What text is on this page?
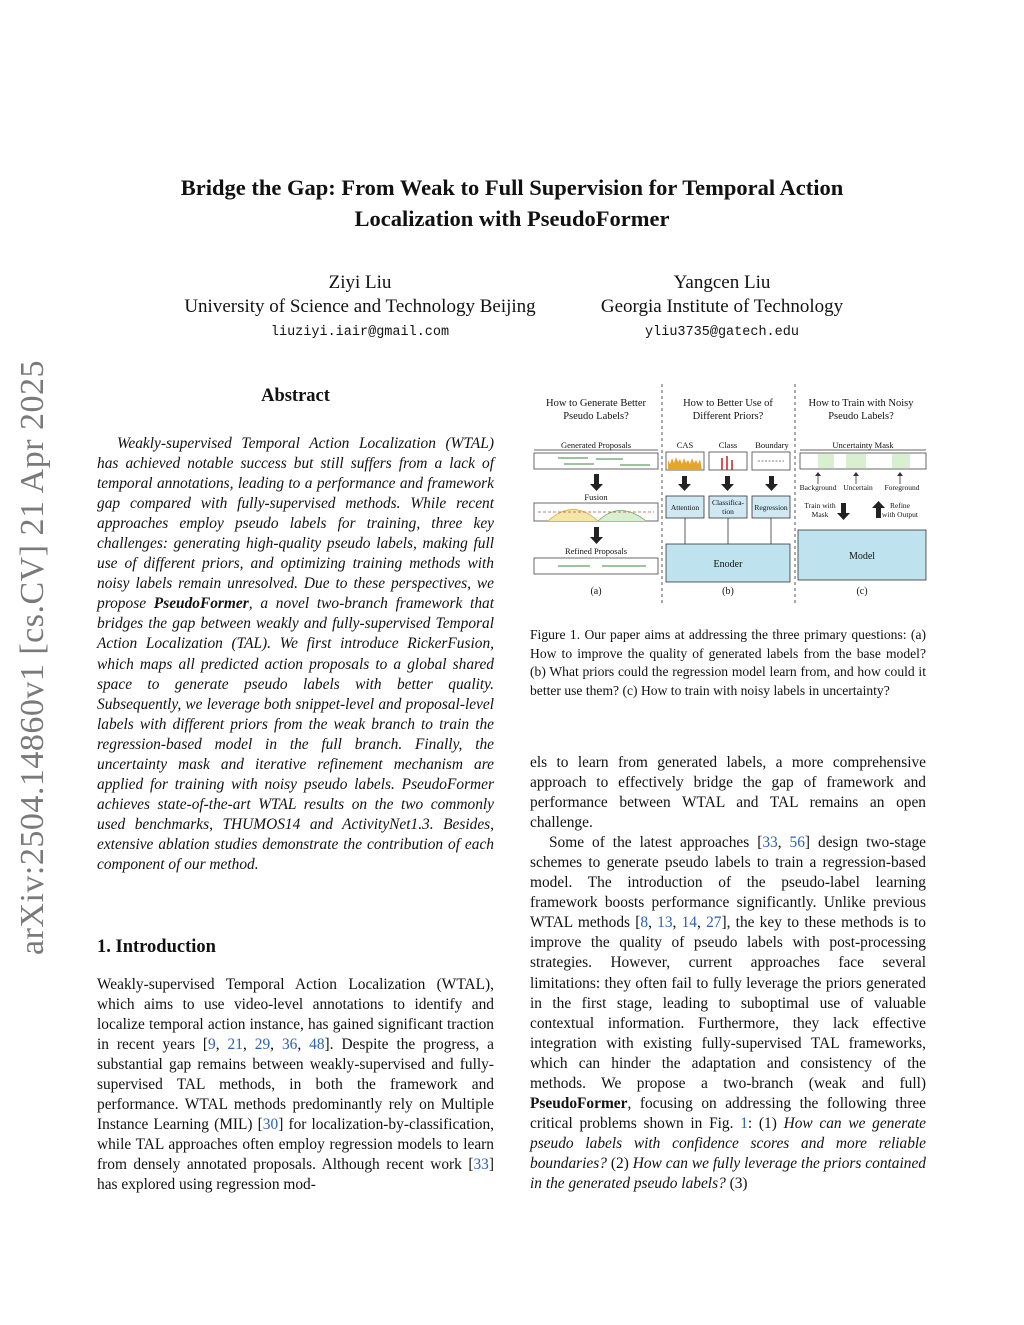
arXiv:2504.14860v1 [cs.CV] 21 Apr 2025
Bridge the Gap: From Weak to Full Supervision for Temporal Action
Localization with PseudoFormer
Ziyi Liu
University of Science and Technology Beijing
liuziyi.iair@gmail.com
Yangcen Liu
Georgia Institute of Technology
yliu3735@gatech.edu
Abstract

Weakly-supervised Temporal Action Localization (WTAL) has achieved notable success but still suffers from a lack of temporal annotations, leading to a performance and framework gap compared with fully-supervised methods. While recent approaches employ pseudo labels for training, three key challenges: generating high-quality pseudo labels, making full use of different priors, and optimizing training methods with noisy labels remain unresolved. Due to these perspectives, we propose PseudoFormer, a novel two-branch framework that bridges the gap between weakly and fully-supervised Temporal Action Localization (TAL). We first introduce RickerFusion, which maps all predicted action proposals to a global shared space to generate pseudo labels with better quality. Subsequently, we leverage both snippet-level and proposal-level labels with different priors from the weak branch to train the regression-based model in the full branch. Finally, the uncertainty mask and iterative refinement mechanism are applied for training with noisy pseudo labels. PseudoFormer achieves state-of-the-art WTAL results on the two commonly used benchmarks, THUMOS14 and ActivityNet1.3. Besides, extensive ablation studies demonstrate the contribution of each component of our method.

1. Introduction

Weakly-supervised Temporal Action Localization (WTAL), which aims to use video-level annotations to identify and localize temporal action instance, has gained significant traction in recent years [9, 21, 29, 36, 48]. Despite the progress, a substantial gap remains between weakly-supervised and fully-supervised TAL methods, in both the framework and performance. WTAL methods predominantly rely on Multiple Instance Learning (MIL) [30] for localization-by-classification, while TAL approaches often employ regression models to learn from densely annotated proposals. Although recent work [33] has explored using regression mod-

How to Generate Better
Pseudo Labels?
Generated Proposals
Fusion
Refined Proposals
(a)
How to Better Use of
Different Priors?
CAS	Class Boundary
Attention
Classifica-
tion	Regression
Enoder
(b)
How to Train with Noisy
Pseudo Labels?
Uncertainty Mask
Background Uncertain Foreground
Train with
Mask
Refine
with Output
Model
(c)

Figure 1. Our paper aims at addressing the three primary questions: (a) How to improve the quality of generated labels from the base model? (b) What priors could the regression model learn from, and how could it better use them? (c) How to train with noisy labels in uncertainty?

els to learn from generated labels, a more comprehensive approach to effectively bridge the gap of framework and performance between WTAL and TAL remains an open challenge.

Some of the latest approaches [33, 56] design two-stage schemes to generate pseudo labels to train a regression-based model. The introduction of the pseudo-label learning framework boosts performance significantly. Unlike previous WTAL methods [8, 13, 14, 27], the key to these methods is to improve the quality of pseudo labels with post-processing strategies. However, current approaches face several limitations: they often fail to fully leverage the priors generated in the first stage, leading to suboptimal use of valuable contextual information. Furthermore, they lack effective integration with existing fully-supervised TAL frameworks, which can hinder the adaptation and consistency of the methods. We propose a two-branch (weak and full) PseudoFormer, focusing on addressing the following three critical problems shown in Fig. 1: (1) How can we generate pseudo labels with confidence scores and more reliable boundaries? (2) How can we fully leverage the priors contained in the generated pseudo labels? (3)
